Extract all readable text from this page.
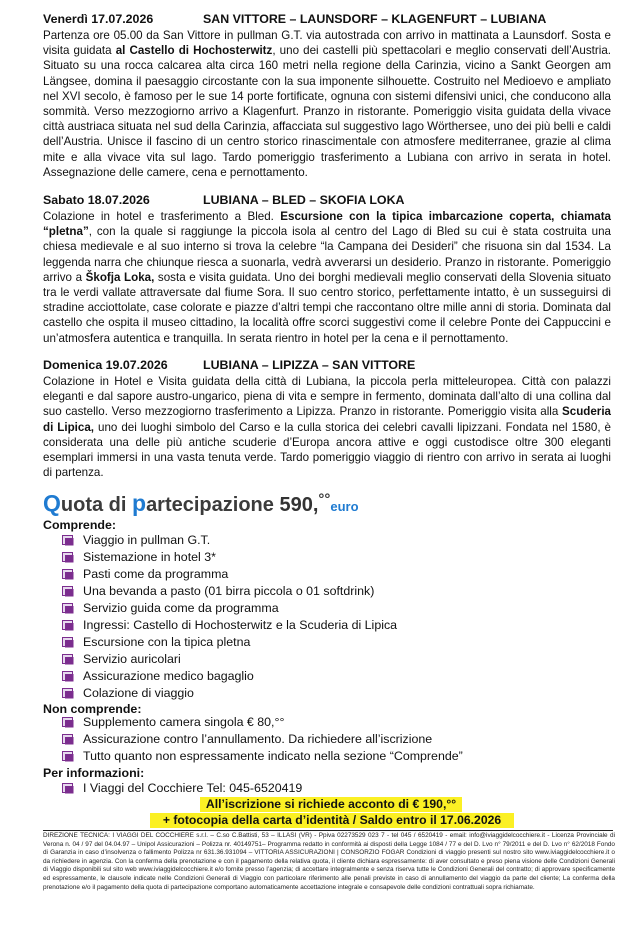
Venerdì 17.07.2026	SAN VITTORE – LAUNSDORF – KLAGENFURT – LUBIANA
Partenza ore 05.00 da San Vittore in pullman G.T. via autostrada con arrivo in mattinata a Launsdorf. Sosta e visita guidata al Castello di Hochosterwitz, uno dei castelli più spettacolari e meglio conservati dell’Austria. Situato su una rocca calcarea alta circa 160 metri nella regione della Carinzia, vicino a Sankt Georgen am Längsee, domina il paesaggio circostante con la sua imponente silhouette. Costruito nel Medioevo e ampliato nel XVI secolo, è famoso per le sue 14 porte fortificate, ognuna con sistemi difensivi unici, che conducono alla sommità. Verso mezzogiorno arrivo a Klagenfurt. Pranzo in ristorante. Pomeriggio visita guidata della vivace città austriaca situata nel sud della Carinzia, affacciata sul suggestivo lago Wörthersee, uno dei più belli e caldi dell’Austria. Unisce il fascino di un centro storico rinascimentale con atmosfere mediterranee, grazie al clima mite e alla vivace vita sul lago. Tardo pomeriggio trasferimento a Lubiana con arrivo in serata in hotel. Assegnazione delle camere, cena e pernottamento.
Sabato 18.07.2026	LUBIANA – BLED – SKOFIA LOKA
Colazione in hotel e trasferimento a Bled. Escursione con la tipica imbarcazione coperta, chiamata “pletna”, con la quale si raggiunge la piccola isola al centro del Lago di Bled su cui è stata costruita una chiesa medievale e al suo interno si trova la celebre “la Campana dei Desideri” che risuona sin dal 1534. La leggenda narra che chiunque riesca a suonarla, vedrà avverarsi un desiderio. Pranzo in ristorante. Pomeriggio arrivo a Škofja Loka, sosta e visita guidata. Uno dei borghi medievali meglio conservati della Slovenia situato tra le verdi vallate attraversate dal fiume Sora. Il suo centro storico, perfettamente intatto, è un susseguirsi di stradine acciottolate, case colorate e piazze d’altri tempi che raccontano oltre mille anni di storia. Dominata dal castello che ospita il museo cittadino, la località offre scorci suggestivi come il celebre Ponte dei Cappuccini e un’atmosfera autentica e tranquilla. In serata rientro in hotel per la cena e il pernottamento.
Domenica 19.07.2026	LUBIANA – LIPIZZA – SAN VITTORE
Colazione in Hotel e Visita guidata della città di Lubiana, la piccola perla mitteleuropea. Città con palazzi eleganti e dal sapore austro-ungarico, piena di vita e sempre in fermento, dominata dall’alto di una collina dal suo castello. Verso mezzogiorno trasferimento a Lipizza. Pranzo in ristorante. Pomeriggio visita alla Scuderia di Lipica, uno dei luoghi simbolo del Carso e la culla storica dei celebri cavalli lipizzani. Fondata nel 1580, è considerata una delle più antiche scuderie d’Europa ancora attive e oggi custodisce oltre 300 eleganti esemplari immersi in una vasta tenuta verde. Tardo pomeriggio viaggio di rientro con arrivo in serata ai luoghi di partenza.
Quota di partecipazione 590,°°euro
Comprende:
Viaggio in pullman G.T.
Sistemazione in hotel 3*
Pasti come da programma
Una bevanda a pasto (01 birra piccola o 01 softdrink)
Servizio guida come da programma
Ingressi: Castello di Hochosterwitz e la Scuderia di Lipica
Escursione con la tipica pletna
Servizio auricolari
Assicurazione medico bagaglio
Colazione di viaggio
Non comprende:
Supplemento camera singola € 80,°°
Assicurazione contro l’annullamento. Da richiedere all’iscrizione
Tutto quanto non espressamente indicato nella sezione “Comprende”
Per informazioni:
I Viaggi del Cocchiere Tel: 045-6520419
All’iscrizione si richiede acconto di € 190,°°
+ fotocopia della carta d’identità / Saldo entro il 17.06.2026
DIREZIONE TECNICA: I VIAGGI DEL COCCHIERE s.r.l. – C.so C.Battisti, 53 – ILLASI (VR) - Ppiva 02273529 023 7 - tel 045 / 6520419 - email: info@iviaggidelcocchiere.it - Licenza Provinciale di Verona n. 04 / 97 del 04.04.97 – Unipol Assicurazioni – Polizza nr. 40149751– Programma redatto in conformità ai disposti della Legge 1084 / 77 e del D. Lvo n° 79/2011 e del D. Lvo n° 62/2018 Fondo di Garanzia in caso d’insolvenza o fallimento Polizza nr 631.36.931094 – VITTORIA ASSICURAZIONI | CONSORZIO FOGAR Condizioni di viaggio presenti sul nostro sito www.iviaggidelcocchiere.it o da richiedere in agenzia. Con la conferma della prenotazione e con il pagamento della relativa quota, il cliente dichiara espressamente: di aver consultato e preso piena visione delle Condizioni Generali di Viaggio disponibili sul sito web www.iviaggidelcocchiere.it e/o fornite presso l’agenzia; di accettare integralmente e senza riserva tutte le Condizioni Generali del contratto; di approvare specificamente ed espressamente, le clausole indicate nelle Condizioni Generali di Viaggio con particolare riferimento alle penali previste in caso di annullamento del viaggio da parte del cliente; La conferma della prenotazione e/o il pagamento della quota di partecipazione comportano automaticamente accettazione integrale e consapevole delle condizioni contrattuali sopra richiamate.
